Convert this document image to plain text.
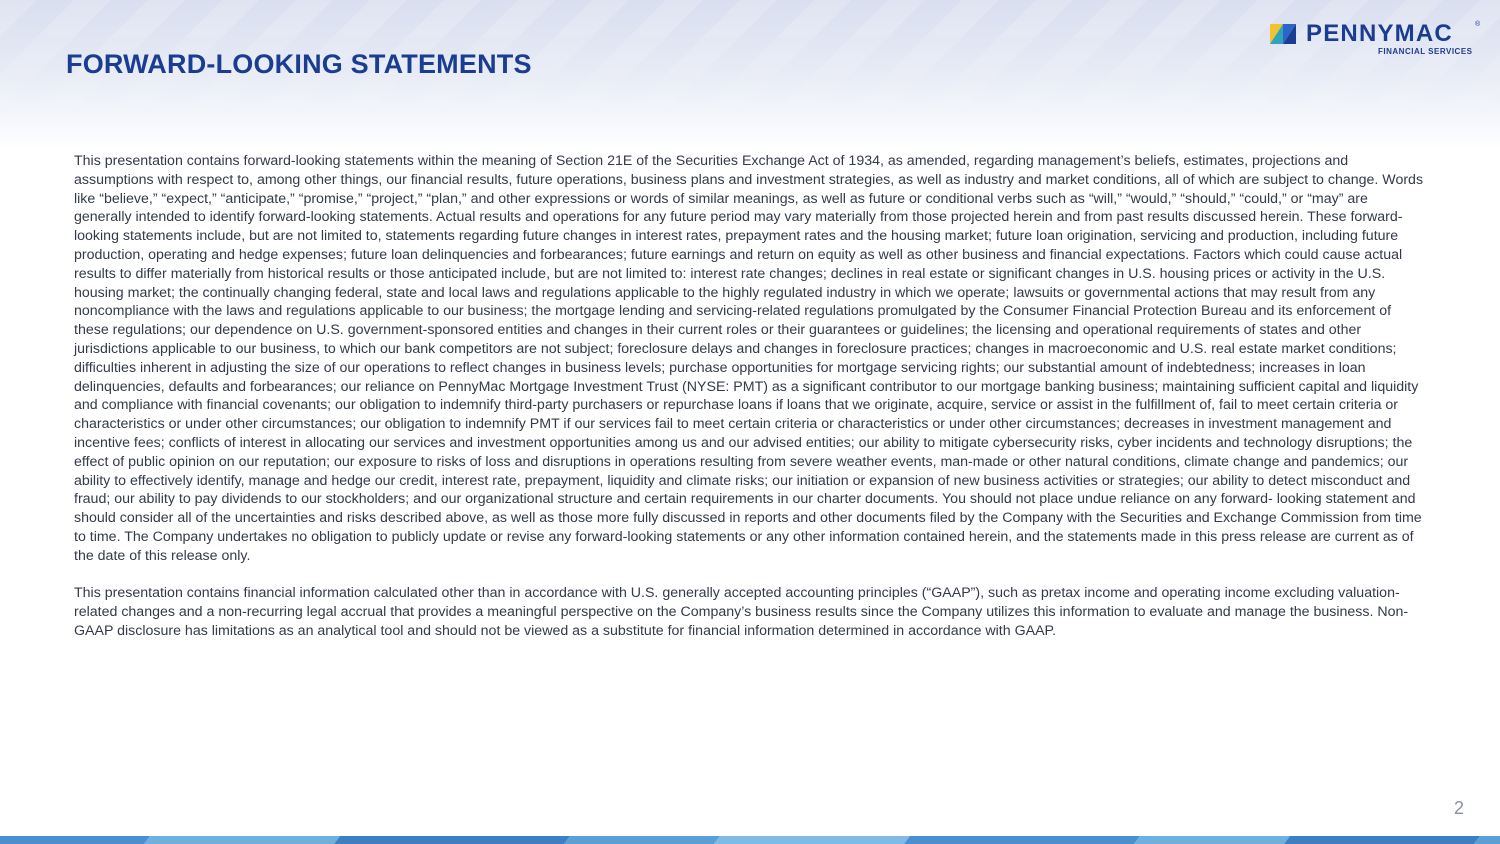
FORWARD-LOOKING STATEMENTS
PENNYMAC	®
FINANCIAL SERVICES

This presentation contains forward-looking statements within the meaning of Section 21E of the Securities Exchange Act of 1934, as amended, regarding management’s beliefs, estimates, projections and assumptions with respect to, among other things, our financial results, future operations, business plans and investment strategies, as well as industry and market conditions, all of which are subject to change. Words like “believe,” “expect,” “anticipate,” “promise,” “project,” “plan,” and other expressions or words of similar meanings, as well as future or conditional verbs such as “will,” “would,” “should,” “could,” or “may” are generally intended to identify forward-looking statements. Actual results and operations for any future period may vary materially from those projected herein and from past results discussed herein. These forward-looking statements include, but are not limited to, statements regarding future changes in interest rates, prepayment rates and the housing market; future loan origination, servicing and production, including future production, operating and hedge expenses; future loan delinquencies and forbearances; future earnings and return on equity as well as other business and financial expectations. Factors which could cause actual results to differ materially from historical results or those anticipated include, but are not limited to: interest rate changes; declines in real estate or significant changes in U.S. housing prices or activity in the U.S. housing market; the continually changing federal, state and local laws and regulations applicable to the highly regulated industry in which we operate; lawsuits or governmental actions that may result from any noncompliance with the laws and regulations applicable to our business; the mortgage lending and servicing-related regulations promulgated by the Consumer Financial Protection Bureau and its enforcement of these regulations; our dependence on U.S. government-sponsored entities and changes in their current roles or their guarantees or guidelines; the licensing and operational requirements of states and other jurisdictions applicable to our business, to which our bank competitors are not subject; foreclosure delays and changes in foreclosure practices; changes in macroeconomic and U.S. real estate market conditions; difficulties inherent in adjusting the size of our operations to reflect changes in business levels; purchase opportunities for mortgage servicing rights; our substantial amount of indebtedness; increases in loan delinquencies, defaults and forbearances; our reliance on PennyMac Mortgage Investment Trust (NYSE: PMT) as a significant contributor to our mortgage banking business; maintaining sufficient capital and liquidity and compliance with financial covenants; our obligation to indemnify third-party purchasers or repurchase loans if loans that we originate, acquire, service or assist in the fulfillment of, fail to meet certain criteria or characteristics or under other circumstances; our obligation to indemnify PMT if our services fail to meet certain criteria or characteristics or under other circumstances; decreases in investment management and incentive fees; conflicts of interest in allocating our services and investment opportunities among us and our advised entities; our ability to mitigate cybersecurity risks, cyber incidents and technology disruptions; the effect of public opinion on our reputation; our exposure to risks of loss and disruptions in operations resulting from severe weather events, man-made or other natural conditions, climate change and pandemics; our ability to effectively identify, manage and hedge our credit, interest rate, prepayment, liquidity and climate risks; our initiation or expansion of new business activities or strategies; our ability to detect misconduct and fraud; our ability to pay dividends to our stockholders; and our organizational structure and certain requirements in our charter documents. You should not place undue reliance on any forward- looking statement and should consider all of the uncertainties and risks described above, as well as those more fully discussed in reports and other documents filed by the Company with the Securities and Exchange Commission from time to time. The Company undertakes no obligation to publicly update or revise any forward-looking statements or any other information contained herein, and the statements made in this press release are current as of the date of this release only.

This presentation contains financial information calculated other than in accordance with U.S. generally accepted accounting principles (“GAAP”), such as pretax income and operating income excluding valuation-related changes and a non-recurring legal accrual that provides a meaningful perspective on the Company’s business results since the Company utilizes this information to evaluate and manage the business. Non-GAAP disclosure has limitations as an analytical tool and should not be viewed as a substitute for financial information determined in accordance with GAAP.

2
